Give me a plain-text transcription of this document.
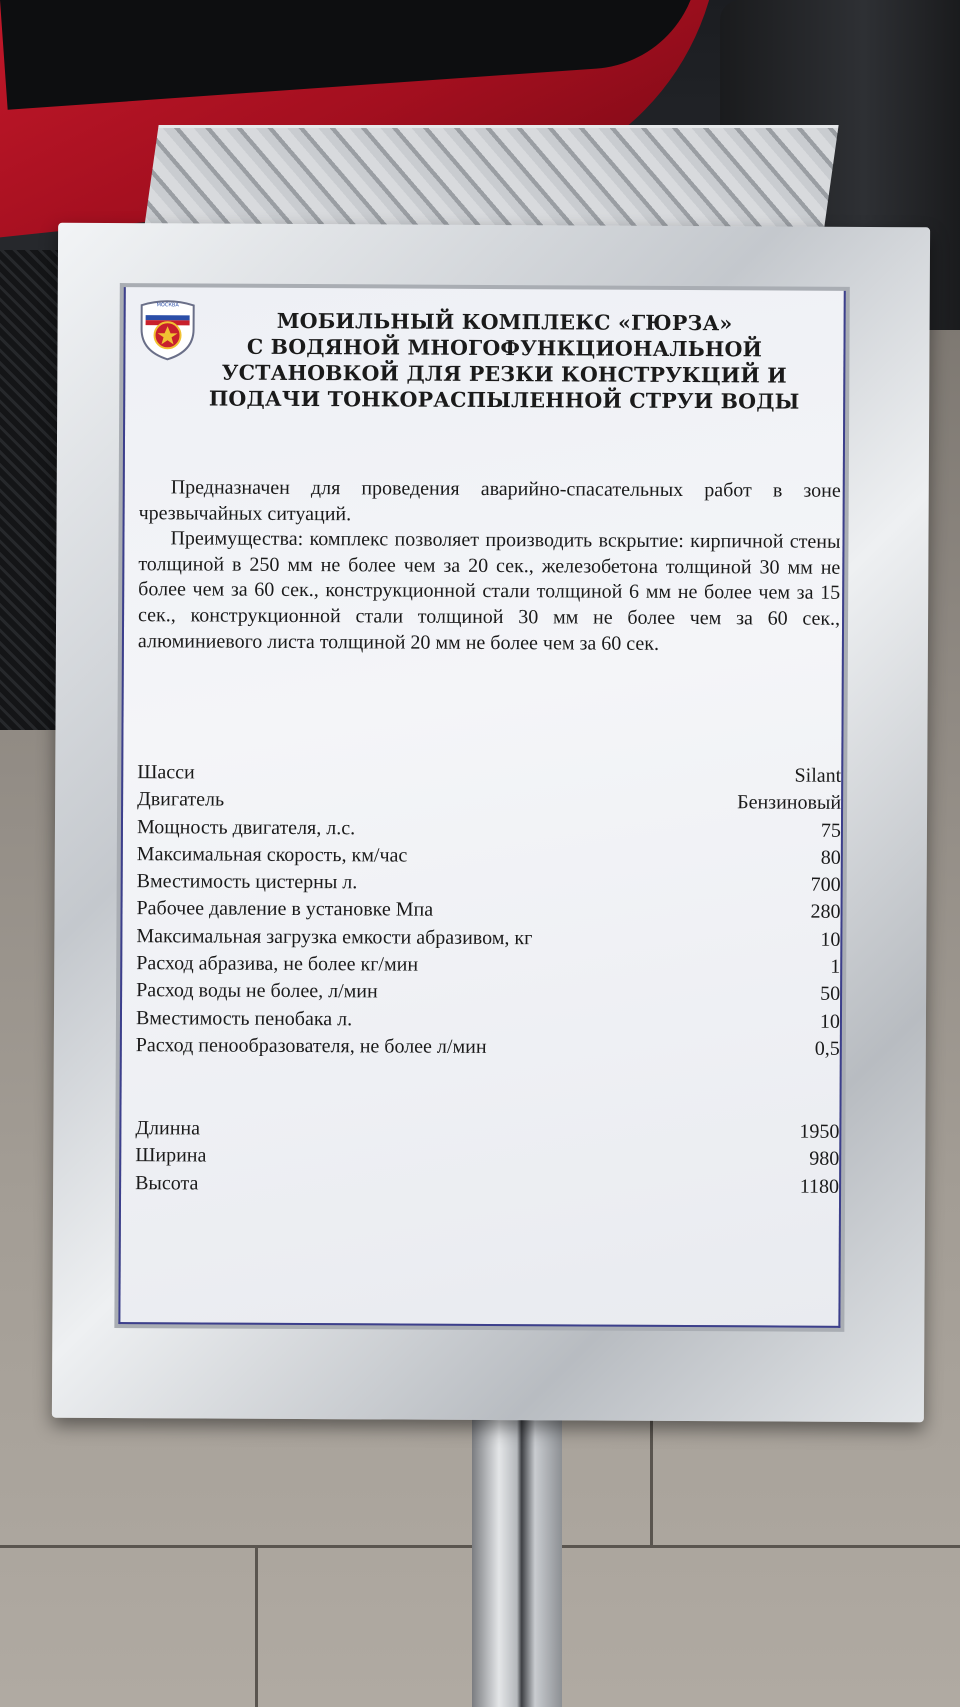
МОСКВА
МОБИЛЬНЫЙ КОМПЛЕКС «ГЮРЗА»
С ВОДЯНОЙ МНОГОФУНКЦИОНАЛЬНОЙ
УСТАНОВКОЙ ДЛЯ РЕЗКИ КОНСТРУКЦИЙ И
ПОДАЧИ ТОНКОРАСПЫЛЕННОЙ СТРУИ ВОДЫ

Предназначен для проведения аварийно-спасательных работ в зоне чрезвычайных ситуаций.

Преимущества: комплекс позволяет производить вскрытие: кирпичной стены толщиной в 250 мм не более чем за 20 сек., железобетона толщиной 30 мм не более чем за 60 сек., конструкционной стали толщиной 6 мм не более чем за 15 сек., конструкционной стали толщиной 30 мм не более чем за 60 сек., алюминиевого листа толщиной 20 мм не более чем за 60 сек.

Шасси	Silant
Двигатель	Бензиновый
Мощность двигателя, л.с.	75
Максимальная скорость, км/час	80
Вместимость цистерны л.	700
Рабочее давление в установке Мпа	280
Максимальная загрузка емкости абразивом, кг	10
Расход абразива, не более кг/мин	1
Расход воды не более, л/мин	50
Вместимость пенобака л.	10
Расход пенообразователя, не более л/мин	0,5
Длинна	1950
Ширина	980
Высота	1180
